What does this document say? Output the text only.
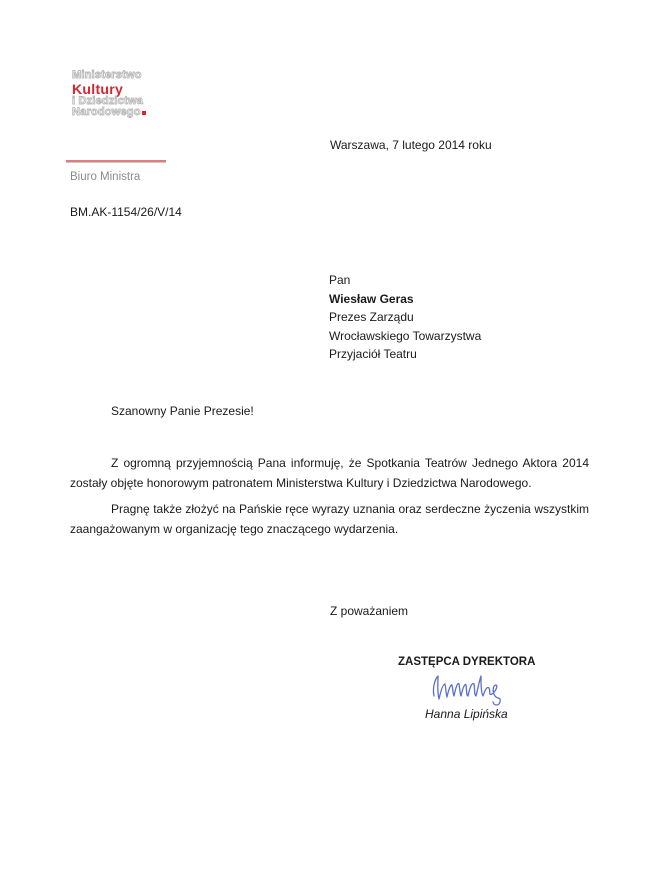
Ministerstwo
Kultury
i Dziedzictwa
Narodowego
Biuro Ministra
BM.AK-1154/26/V/14
Warszawa, 7 lutego 2014 roku
Pan
Wiesław Geras
Prezes Zarządu
Wrocławskiego Towarzystwa
Przyjaciół Teatru
Szanowny Panie Prezesie!

Z ogromną przyjemnością Pana informuję, że Spotkania Teatrów Jednego Aktora 2014 zostały objęte honorowym patronatem Ministerstwa Kultury i Dziedzictwa Narodowego.

Pragnę także złożyć na Pańskie ręce wyrazy uznania oraz serdeczne życzenia wszystkim zaangażowanym w organizację tego znaczącego wydarzenia.

Z poważaniem
ZASTĘPCA DYREKTORA
Hanna Lipińska
